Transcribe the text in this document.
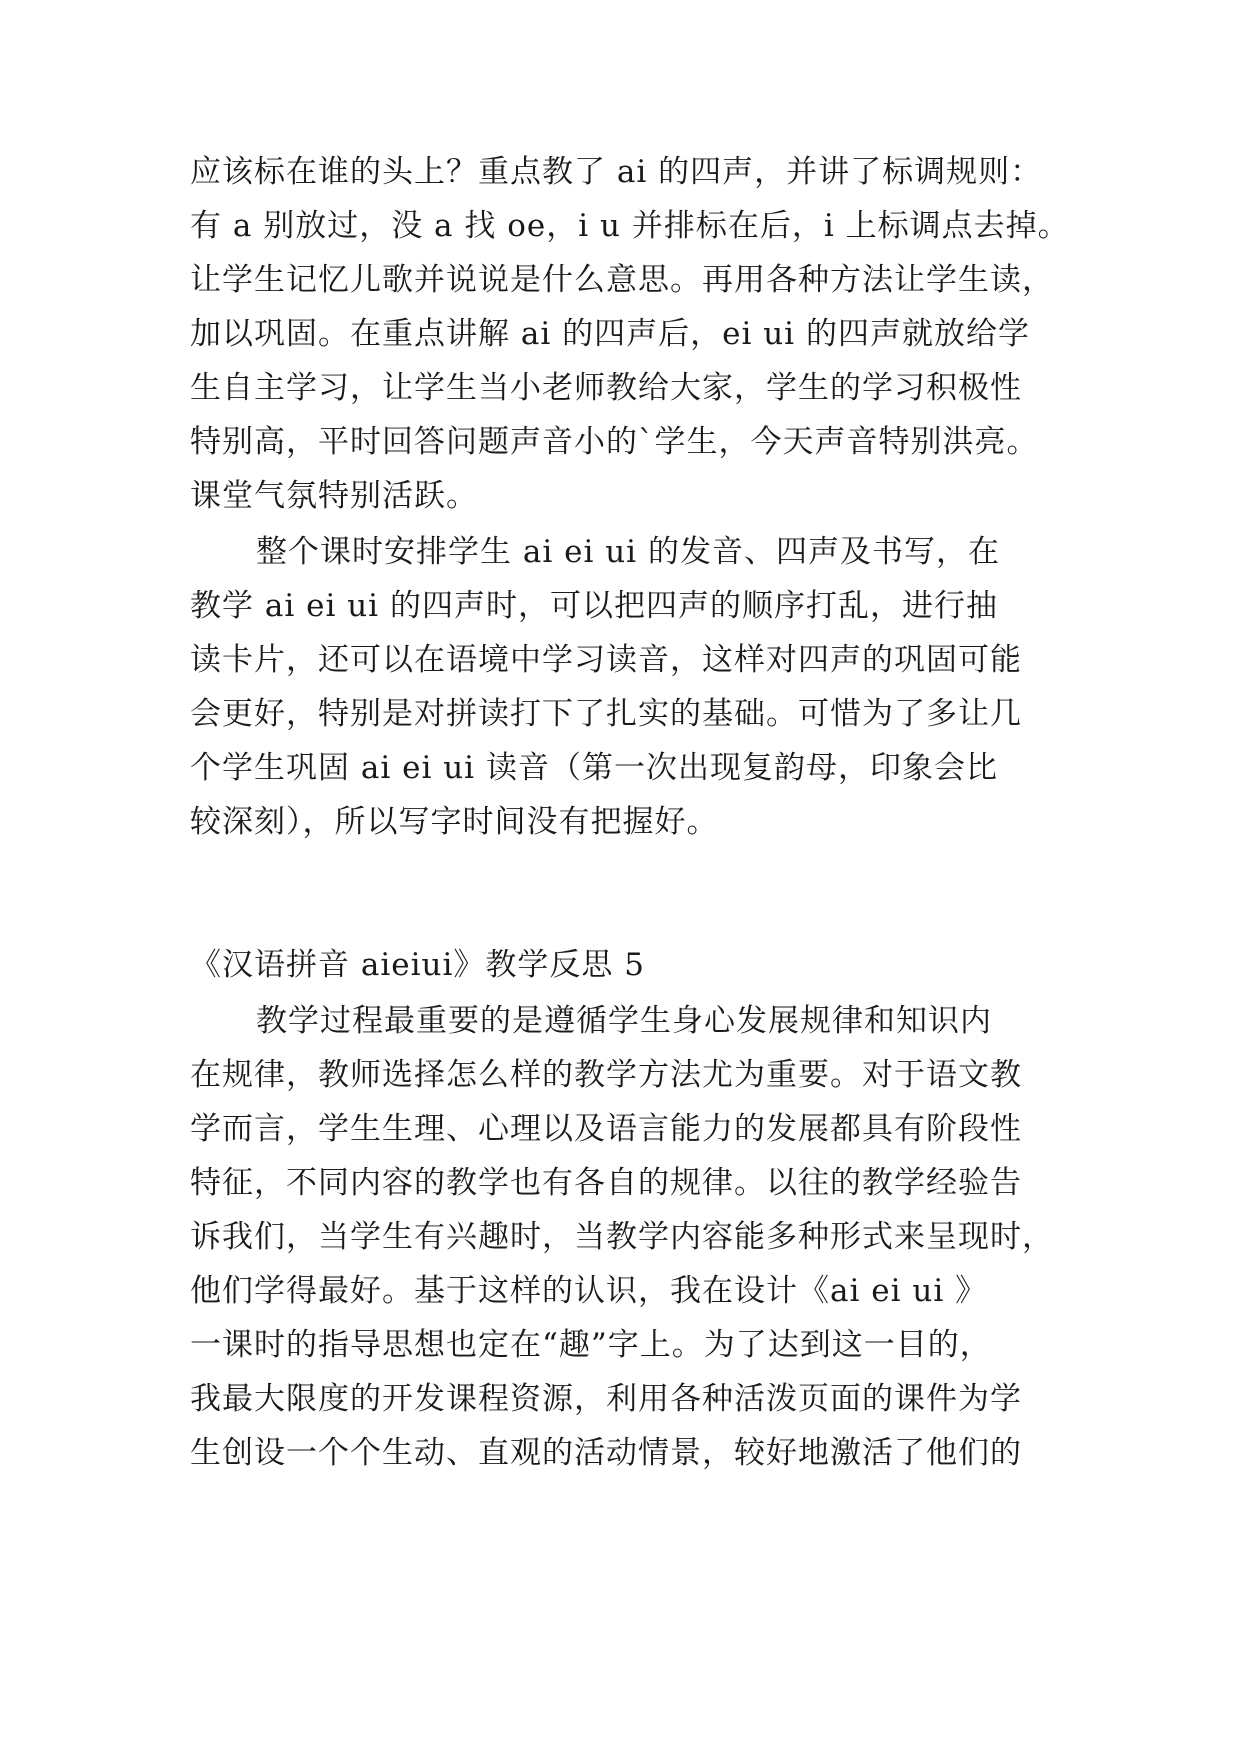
应该标在谁的头上？重点教了 ai 的四声，并讲了标调规则：
有 a 别放过，没 a 找 oe，i u 并排标在后，i 上标调点去掉。
让学生记忆儿歌并说说是什么意思。再用各种方法让学生读，
加以巩固。在重点讲解 ai 的四声后，ei ui 的四声就放给学
生自主学习，让学生当小老师教给大家，学生的学习积极性
特别高，平时回答问题声音小的`学生，今天声音特别洪亮。
课堂气氛特别活跃。
整个课时安排学生 ai ei ui 的发音、四声及书写，在
教学 ai ei ui 的四声时，可以把四声的顺序打乱，进行抽
读卡片，还可以在语境中学习读音，这样对四声的巩固可能
会更好，特别是对拼读打下了扎实的基础。可惜为了多让几
个学生巩固 ai ei ui 读音（第一次出现复韵母，印象会比
较深刻），所以写字时间没有把握好。
《汉语拼音 aieiui》教学反思 5
教学过程最重要的是遵循学生身心发展规律和知识内
在规律，教师选择怎么样的教学方法尤为重要。对于语文教
学而言，学生生理、心理以及语言能力的发展都具有阶段性
特征，不同内容的教学也有各自的规律。以往的教学经验告
诉我们，当学生有兴趣时，当教学内容能多种形式来呈现时，
他们学得最好。基于这样的认识，我在设计《ai ei ui 》
一课时的指导思想也定在“趣”字上。为了达到这一目的，
我最大限度的开发课程资源，利用各种活泼页面的课件为学
生创设一个个生动、直观的活动情景，较好地激活了他们的
